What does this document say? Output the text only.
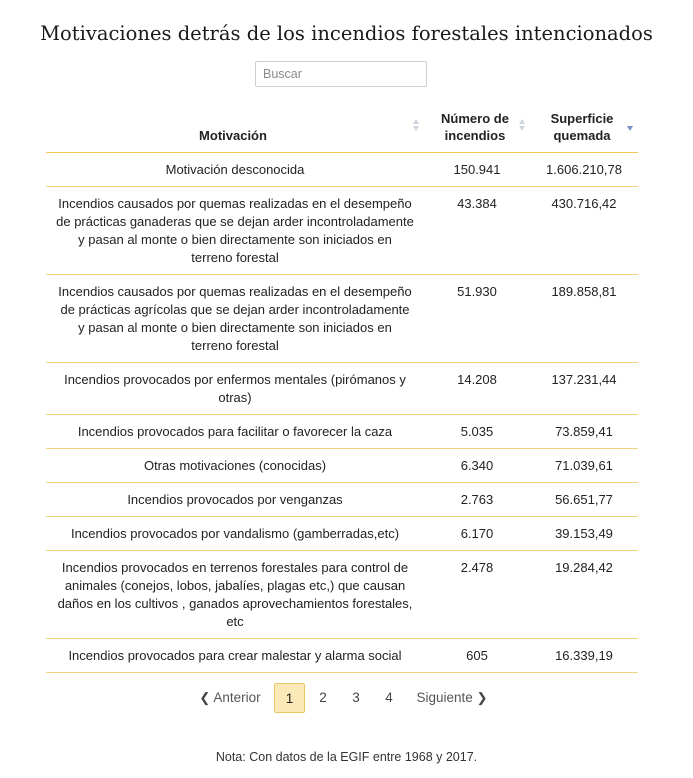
Motivaciones detrás de los incendios forestales intencionados
Buscar
Motivación	Número de incendios	Superficie quemada

Motivación desconocida	150.941	1.606.210,78
Incendios causados por quemas realizadas en el desempeño de prácticas ganaderas que se dejan arder incontroladamente y pasan al monte o bien directamente son iniciados en terreno forestal	43.384	430.716,42
Incendios causados por quemas realizadas en el desempeño de prácticas agrícolas que se dejan arder incontroladamente y pasan al monte o bien directamente son iniciados en terreno forestal	51.930	189.858,81
Incendios provocados por enfermos mentales (pirómanos y otras)	14.208	137.231,44
Incendios provocados para facilitar o favorecer la caza	5.035	73.859,41
Otras motivaciones (conocidas)	6.340	71.039,61
Incendios provocados por venganzas	2.763	56.651,77
Incendios provocados por vandalismo (gamberradas,etc)	6.170	39.153,49
Incendios provocados en terrenos forestales para control de animales (conejos, lobos, jabalíes, plagas etc,) que causan daños en los cultivos , ganados aprovechamientos forestales, etc	2.478	19.284,42
Incendios provocados para crear malestar y alarma social	605	16.339,19
❮ Anterior	1	2	3	4	Siguiente ❯
Nota: Con datos de la EGIF entre 1968 y 2017.
